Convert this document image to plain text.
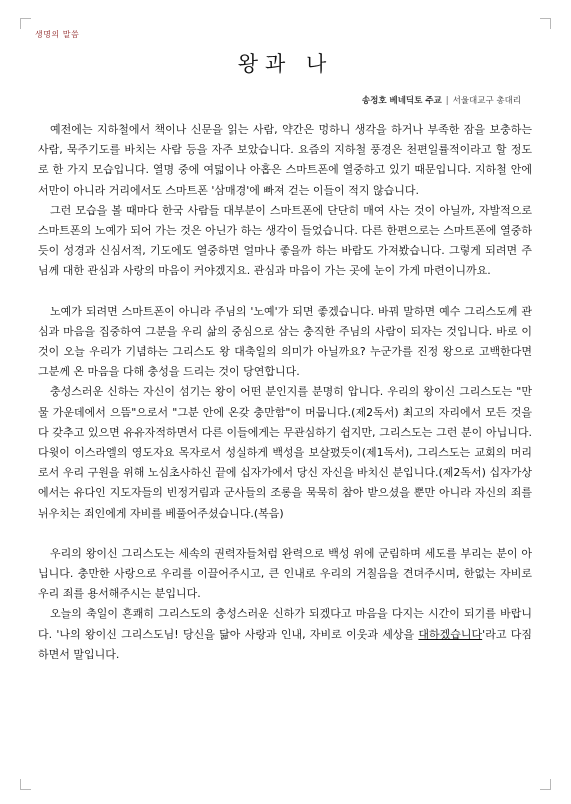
생명의 말씀
왕과 나
송정호 베네딕토 주교 | 서울대교구 총대리

예전에는 지하철에서 책이나 신문을 읽는 사람, 약간은 멍하니 생각을 하거나 부족한 잠을 보충하는 사람, 묵주기도를 바치는 사람 등을 자주 보았습니다. 요즘의 지하철 풍경은 천편일률적이라고 할 정도로 한 가지 모습입니다. 열명 중에 여덟이나 아홉은 스마트폰에 열중하고 있기 때문입니다. 지하철 안에서만이 아니라 거리에서도 스마트폰 '삼매경'에 빠져 걷는 이들이 적지 않습니다.

그런 모습을 볼 때마다 한국 사람들 대부분이 스마트폰에 단단히 매여 사는 것이 아닐까, 자발적으로 스마트폰의 노예가 되어 가는 것은 아닌가 하는 생각이 들었습니다. 다른 한편으로는 스마트폰에 열중하듯이 성경과 신심서적, 기도에도 열중하면 얼마나 좋을까 하는 바람도 가져봤습니다. 그렇게 되려면 주님께 대한 관심과 사랑의 마음이 커야겠지요. 관심과 마음이 가는 곳에 눈이 가게 마련이니까요.

노예가 되려면 스마트폰이 아니라 주님의 '노예'가 되면 좋겠습니다. 바꿔 말하면 예수 그리스도께 관심과 마음을 집중하여 그분을 우리 삶의 중심으로 삼는 충직한 주님의 사람이 되자는 것입니다. 바로 이것이 오늘 우리가 기념하는 그리스도 왕 대축일의 의미가 아닐까요? 누군가를 진정 왕으로 고백한다면 그분께 온 마음을 다해 충성을 드리는 것이 당연합니다.

충성스러운 신하는 자신이 섬기는 왕이 어떤 분인지를 분명히 압니다. 우리의 왕이신 그리스도는 "만물 가운데에서 으뜸"으로서 "그분 안에 온갖 충만함"이 머뭅니다.(제2독서) 최고의 자리에서 모든 것을 다 갖추고 있으면 유유자적하면서 다른 이들에게는 무관심하기 쉽지만, 그리스도는 그런 분이 아닙니다. 다윗이 이스라엘의 영도자요 목자로서 성실하게 백성을 보살폈듯이(제1독서), 그리스도는 교회의 머리로서 우리 구원을 위해 노심초사하신 끝에 십자가에서 당신 자신을 바치신 분입니다.(제2독서) 십자가상에서는 유다인 지도자들의 빈정거림과 군사들의 조롱을 묵묵히 참아 받으셨을 뿐만 아니라 자신의 죄를 뉘우치는 죄인에게 자비를 베풀어주셨습니다.(복음)

우리의 왕이신 그리스도는 세속의 권력자들처럼 완력으로 백성 위에 군림하며 세도를 부리는 분이 아닙니다. 충만한 사랑으로 우리를 이끌어주시고, 큰 인내로 우리의 거칠음을 견뎌주시며, 한없는 자비로 우리 죄를 용서해주시는 분입니다.

오늘의 축일이 흔쾌히 그리스도의 충성스러운 신하가 되겠다고 마음을 다지는 시간이 되기를 바랍니다. '나의 왕이신 그리스도님! 당신을 닮아 사랑과 인내, 자비로 이웃과 세상을 대하겠습니다'라고 다짐하면서 말입니다.
